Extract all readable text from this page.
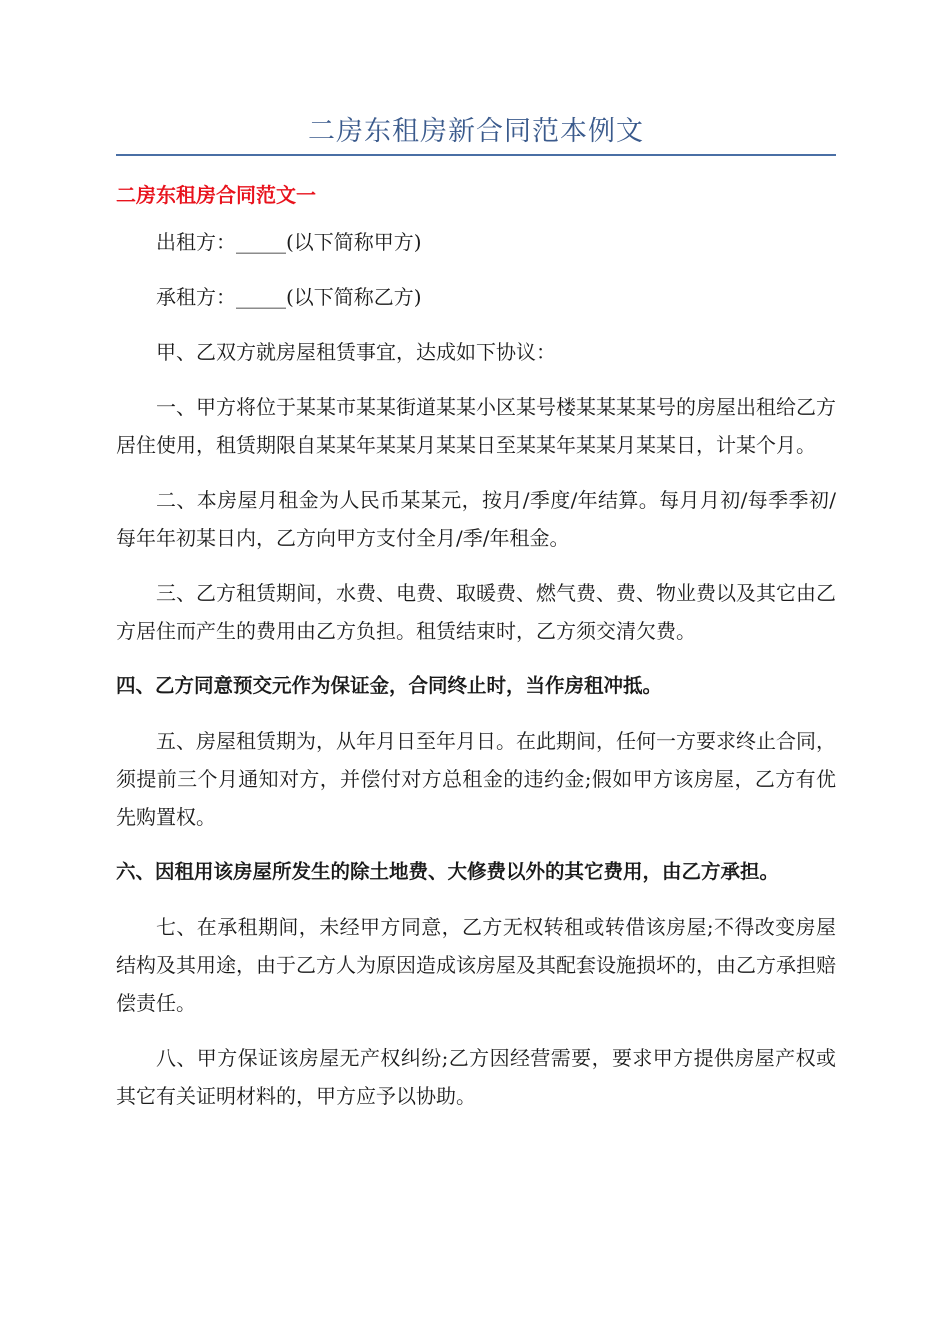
二房东租房新合同范本例文
二房东租房合同范文一

出租方：_____(以下简称甲方)

承租方：_____(以下简称乙方)

甲、乙双方就房屋租赁事宜，达成如下协议：

一、甲方将位于某某市某某街道某某小区某号楼某某某某号的房屋出租给乙方居住使用，租赁期限自某某年某某月某某日至某某年某某月某某日，计某个月。

二、本房屋月租金为人民币某某元，按月/季度/年结算。每月月初/每季季初/每年年初某日内，乙方向甲方支付全月/季/年租金。

三、乙方租赁期间，水费、电费、取暖费、燃气费、费、物业费以及其它由乙方居住而产生的费用由乙方负担。租赁结束时，乙方须交清欠费。

四、乙方同意预交元作为保证金，合同终止时，当作房租冲抵。

五、房屋租赁期为，从年月日至年月日。在此期间，任何一方要求终止合同，须提前三个月通知对方，并偿付对方总租金的违约金;假如甲方该房屋，乙方有优先购置权。

六、因租用该房屋所发生的除土地费、大修费以外的其它费用，由乙方承担。

七、在承租期间，未经甲方同意，乙方无权转租或转借该房屋;不得改变房屋结构及其用途，由于乙方人为原因造成该房屋及其配套设施损坏的，由乙方承担赔偿责任。

八、甲方保证该房屋无产权纠纷;乙方因经营需要，要求甲方提供房屋产权或其它有关证明材料的，甲方应予以协助。
